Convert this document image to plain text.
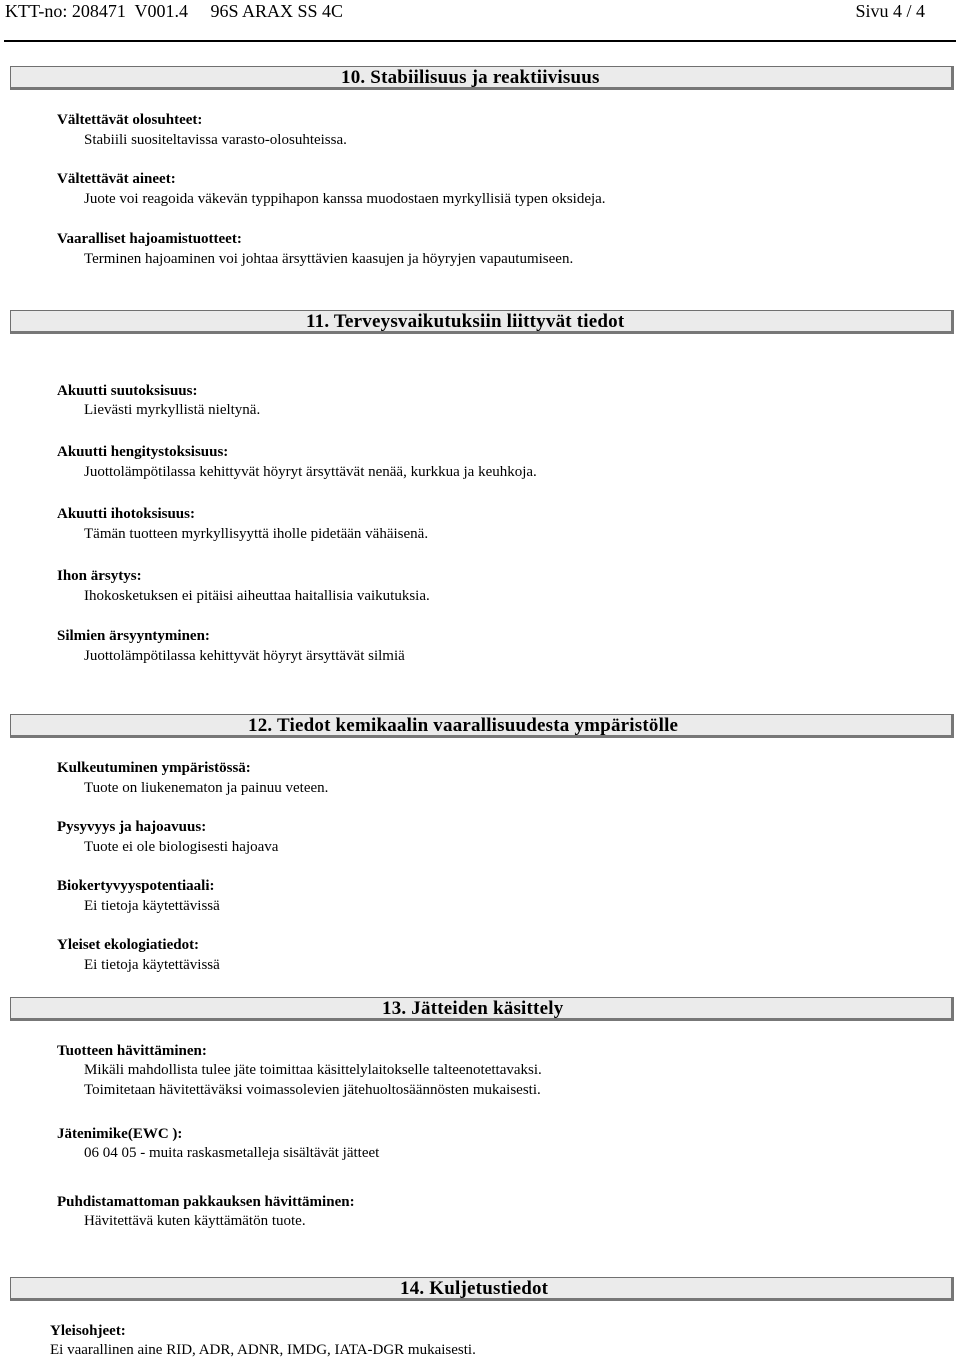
KTT-no: 208471  V001.4     96S ARAX SS 4C	Sivu 4 / 4
10. Stabiilisuus ja reaktiivisuus
Vältettävät olosuhteet:
Stabiili suositeltavissa varasto-olosuhteissa.
Vältettävät aineet:
Juote voi reagoida väkevän typpihapon kanssa muodostaen myrkyllisiä typen oksideja.
Vaaralliset hajoamistuotteet:
Terminen hajoaminen voi johtaa ärsyttävien kaasujen ja höyryjen vapautumiseen.
11. Terveysvaikutuksiin liittyvät tiedot
Akuutti suutoksisuus:
Lievästi myrkyllistä nieltynä.
Akuutti hengitystoksisuus:
Juottolämpötilassa kehittyvät höyryt ärsyttävät nenää, kurkkua ja keuhkoja.
Akuutti ihotoksisuus:
Tämän tuotteen myrkyllisyyttä iholle pidetään vähäisenä.
Ihon ärsytys:
Ihokosketuksen ei pitäisi aiheuttaa haitallisia vaikutuksia.
Silmien ärsyyntyminen:
Juottolämpötilassa kehittyvät höyryt ärsyttävät silmiä
12. Tiedot kemikaalin vaarallisuudesta ympäristölle
Kulkeutuminen ympäristössä:
Tuote on liukenematon ja painuu veteen.
Pysyvyys ja hajoavuus:
Tuote ei ole biologisesti hajoava
Biokertyvyyspotentiaali:
Ei tietoja käytettävissä
Yleiset ekologiatiedot:
Ei tietoja käytettävissä
13. Jätteiden käsittely
Tuotteen hävittäminen:
Mikäli mahdollista tulee jäte toimittaa käsittelylaitokselle talteenotettavaksi.
Toimitetaan hävitettäväksi voimassolevien jätehuoltosäännösten mukaisesti.
Jätenimike(EWC ):
06 04 05 - muita raskasmetalleja sisältävät jätteet
Puhdistamattoman pakkauksen hävittäminen:
Hävitettävä kuten käyttämätön tuote.
14. Kuljetustiedot
Yleisohjeet:
Ei vaarallinen aine RID, ADR, ADNR, IMDG, IATA-DGR mukaisesti.
